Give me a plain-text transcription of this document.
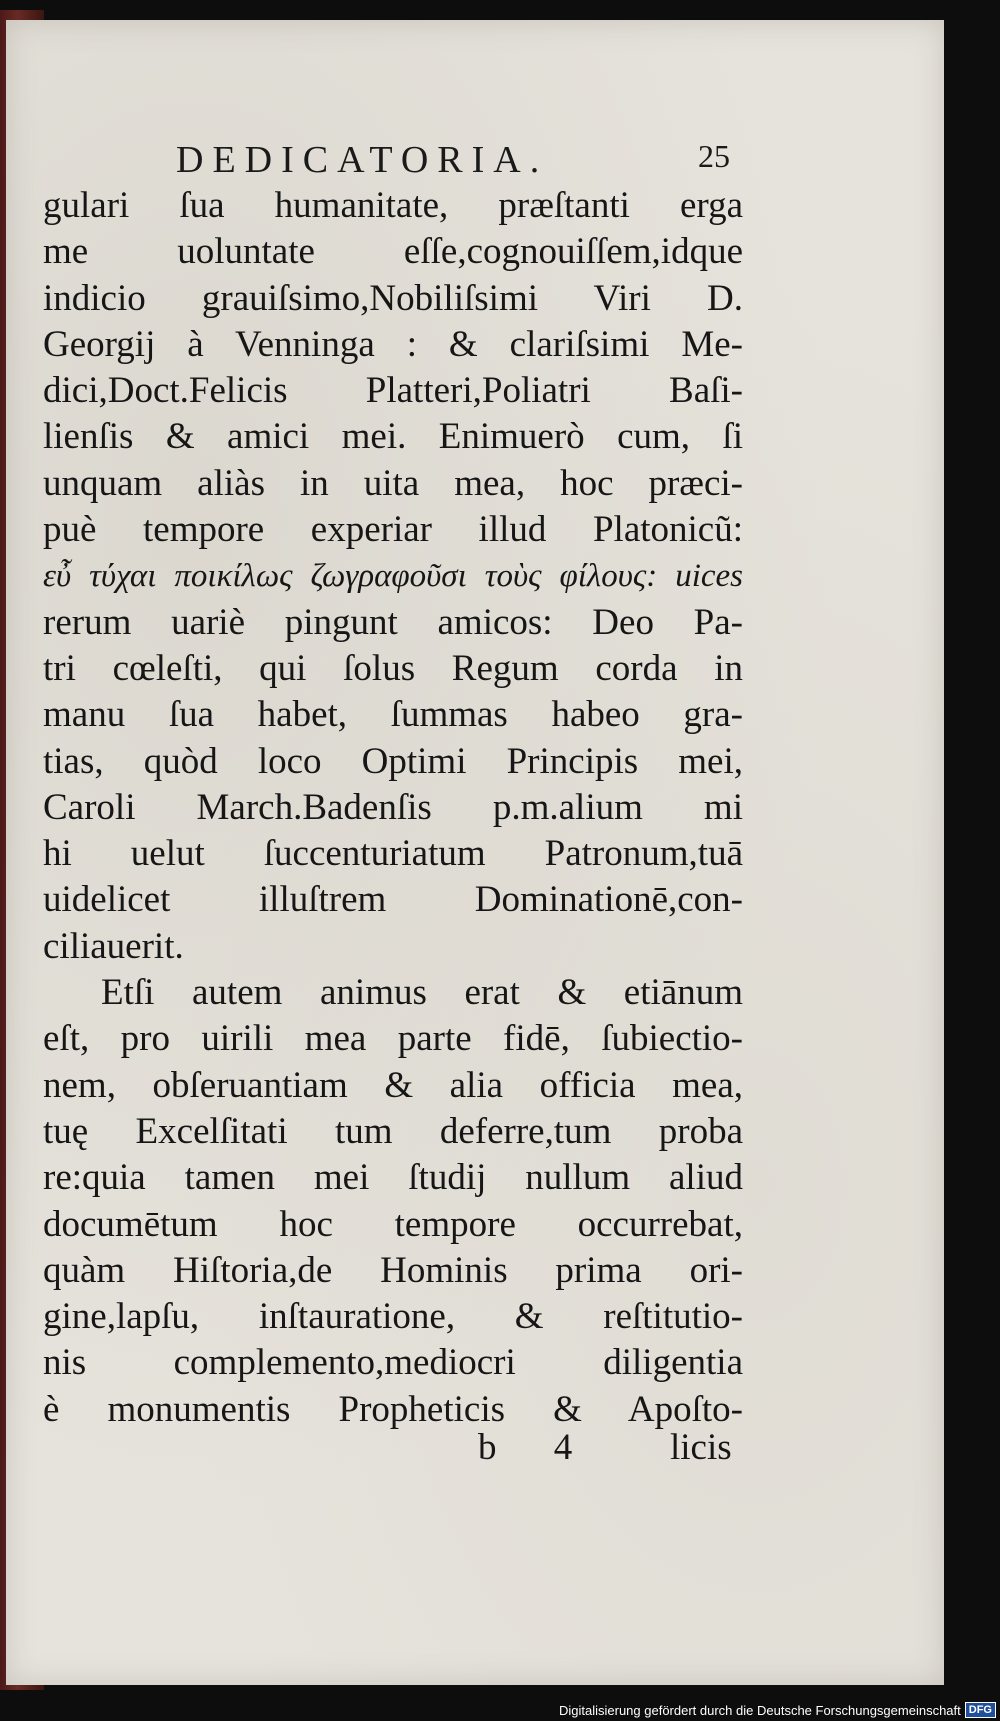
DEDICATORIA.	25
gulari ſua humanitate, præſtanti erga
me uoluntate eſſe,cognouiſſem,idque
indicio grauiſsimo,Nobiliſsimi Viri D.
Georgij à Venninga : & clariſsimi Me-
dici,Doct.Felicis Platteri,Poliatri Baſi-
lienſis & amici mei. Enimuerò cum, ſi
unquam aliàs in uita mea, hoc præci-
puè tempore experiar illud Platonicũ:
εὖ τύχαι ποικίλως ζωγραφοῦσι τοὺς φίλους: uices
rerum uariè pingunt amicos: Deo Pa-
tri cœleſti, qui ſolus Regum corda in
manu ſua habet, ſummas habeo gra-
tias, quòd loco Optimi Principis mei,
Caroli March.Badenſis p.m.alium mi
hi uelut ſuccenturiatum Patronum,tuā
uidelicet illuſtrem Dominationē,con-
ciliauerit.
Etſi autem animus erat & etiānum
eſt, pro uirili mea parte fidē, ſubiectio-
nem, obſeruantiam & alia officia mea,
tuę Excelſitati tum deferre,tum proba
re:quia tamen mei ſtudij nullum aliud
documētum hoc tempore occurrebat,
quàm Hiſtoria,de Hominis prima ori-
gine,lapſu, inſtauratione, & reſtitutio-
nis complemento,mediocri diligentia
è monumentis Propheticis & Apoſto-
b 4 licis
Digitalisierung gefördert durch die Deutsche Forschungsgemeinschaft DFG
